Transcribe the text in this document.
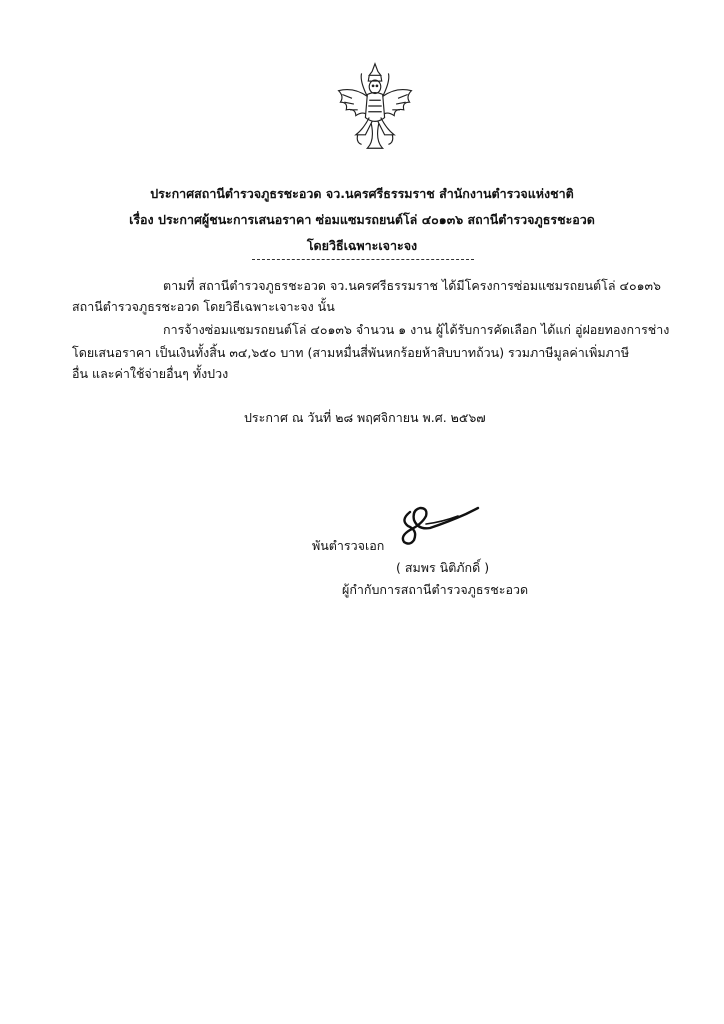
ประกาศสถานีตำรวจภูธรชะอวด จว.นครศรีธรรมราช สำนักงานตำรวจแห่งชาติ
เรื่อง ประกาศผู้ชนะการเสนอราคา ซ่อมแซมรถยนต์โล่ ๔๐๑๓๖ สถานีตำรวจภูธรชะอวด
โดยวิธีเฉพาะเจาะจง
ตามที่ สถานีตำรวจภูธรชะอวด จว.นครศรีธรรมราช ได้มีโครงการซ่อมแซมรถยนต์โล่ ๔๐๑๓๖
สถานีตำรวจภูธรชะอวด โดยวิธีเฉพาะเจาะจง นั้น
การจ้างซ่อมแซมรถยนต์โล่ ๔๐๑๓๖ จำนวน ๑ งาน ผู้ได้รับการคัดเลือก ได้แก่ อู่ฝอยทองการช่าง
โดยเสนอราคา เป็นเงินทั้งสิ้น ๓๔,๖๕๐ บาท (สามหมื่นสี่พันหกร้อยห้าสิบบาทถ้วน) รวมภาษีมูลค่าเพิ่มภาษี
อื่น และค่าใช้จ่ายอื่นๆ ทั้งปวง
ประกาศ ณ วันที่ ๒๘ พฤศจิกายน พ.ศ. ๒๕๖๗
พันตำรวจเอก
( สมพร นิติภักดิ์ )
ผู้กำกับการสถานีตำรวจภูธรชะอวด
